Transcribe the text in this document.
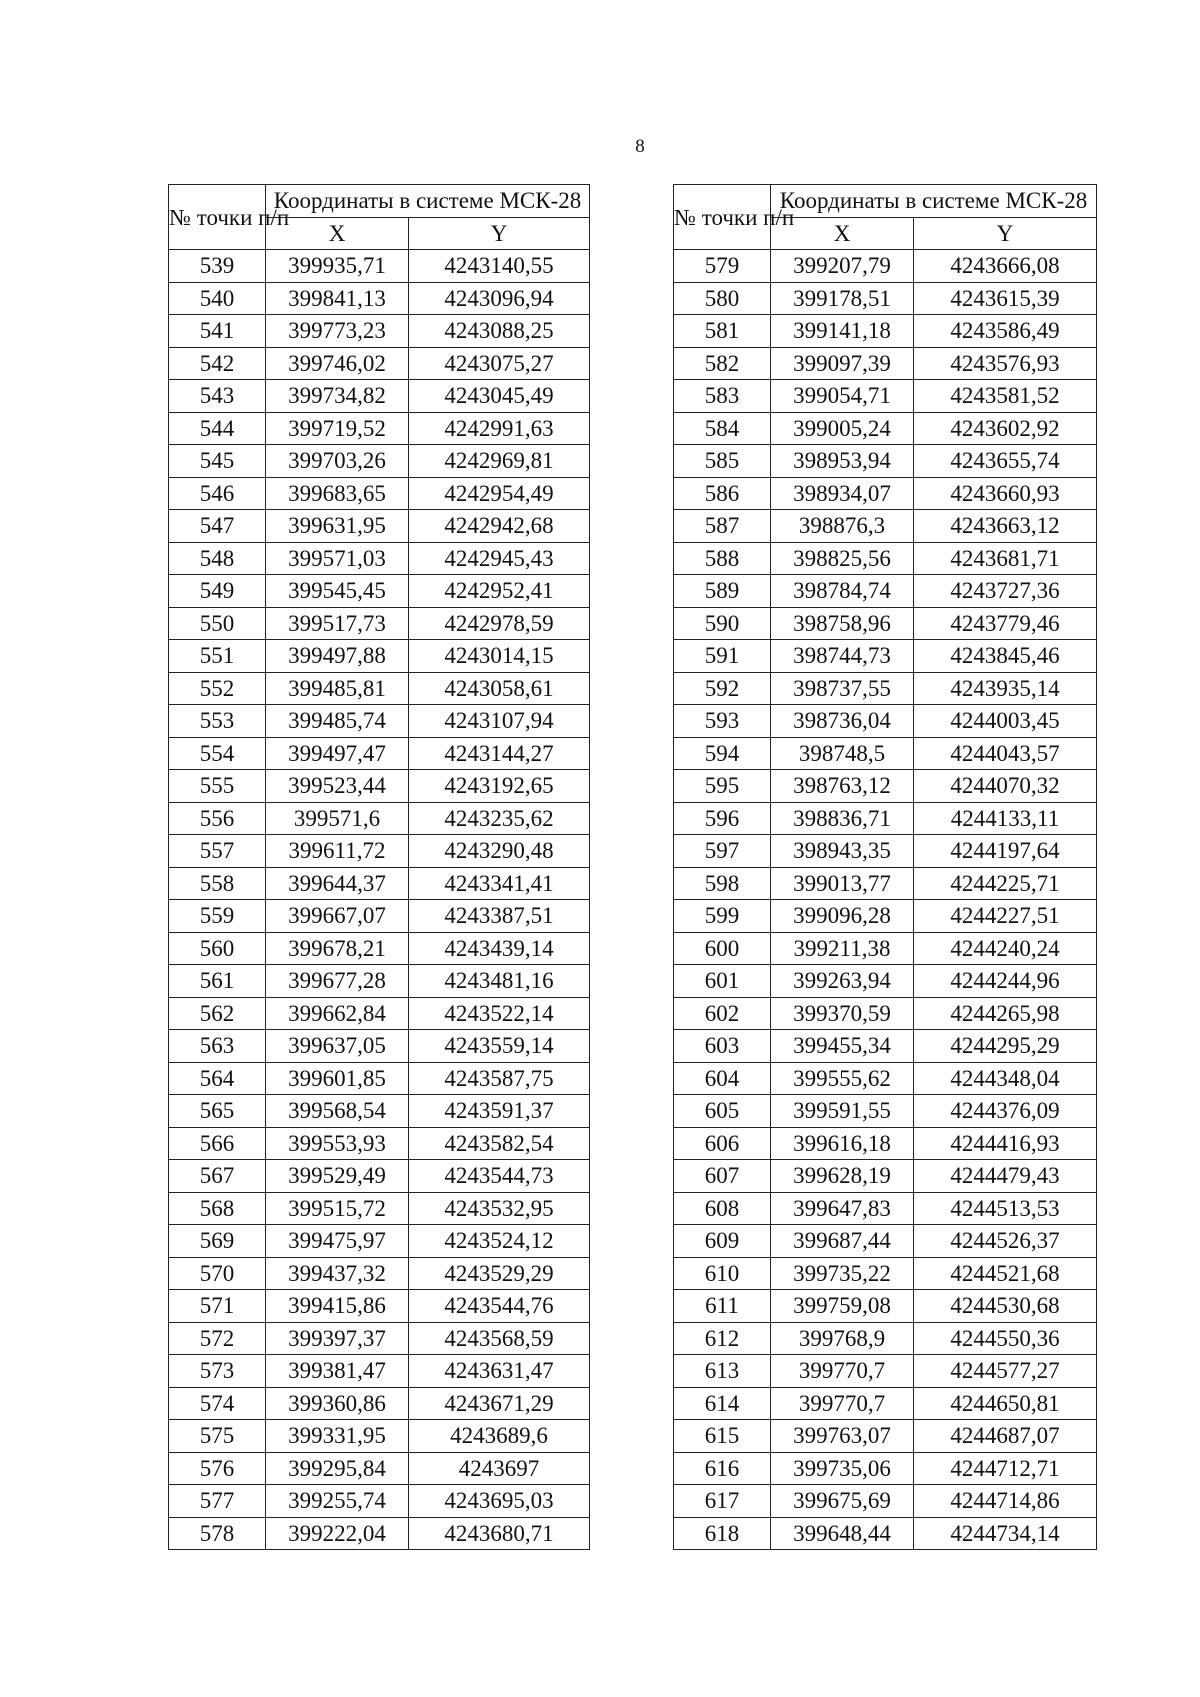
8
№ точки п/п	Координаты в системе МСК-28	
	X	Y
539	399935,71	4243140,55
540	399841,13	4243096,94
541	399773,23	4243088,25
542	399746,02	4243075,27
543	399734,82	4243045,49
544	399719,52	4242991,63
545	399703,26	4242969,81
546	399683,65	4242954,49
547	399631,95	4242942,68
548	399571,03	4242945,43
549	399545,45	4242952,41
550	399517,73	4242978,59
551	399497,88	4243014,15
552	399485,81	4243058,61
553	399485,74	4243107,94
554	399497,47	4243144,27
555	399523,44	4243192,65
556	399571,6	4243235,62
557	399611,72	4243290,48
558	399644,37	4243341,41
559	399667,07	4243387,51
560	399678,21	4243439,14
561	399677,28	4243481,16
562	399662,84	4243522,14
563	399637,05	4243559,14
564	399601,85	4243587,75
565	399568,54	4243591,37
566	399553,93	4243582,54
567	399529,49	4243544,73
568	399515,72	4243532,95
569	399475,97	4243524,12
570	399437,32	4243529,29
571	399415,86	4243544,76
572	399397,37	4243568,59
573	399381,47	4243631,47
574	399360,86	4243671,29
575	399331,95	4243689,6
576	399295,84	4243697
577	399255,74	4243695,03
578	399222,04	4243680,71
№ точки п/п	Координаты в системе МСК-28	
	X	Y
579	399207,79	4243666,08
580	399178,51	4243615,39
581	399141,18	4243586,49
582	399097,39	4243576,93
583	399054,71	4243581,52
584	399005,24	4243602,92
585	398953,94	4243655,74
586	398934,07	4243660,93
587	398876,3	4243663,12
588	398825,56	4243681,71
589	398784,74	4243727,36
590	398758,96	4243779,46
591	398744,73	4243845,46
592	398737,55	4243935,14
593	398736,04	4244003,45
594	398748,5	4244043,57
595	398763,12	4244070,32
596	398836,71	4244133,11
597	398943,35	4244197,64
598	399013,77	4244225,71
599	399096,28	4244227,51
600	399211,38	4244240,24
601	399263,94	4244244,96
602	399370,59	4244265,98
603	399455,34	4244295,29
604	399555,62	4244348,04
605	399591,55	4244376,09
606	399616,18	4244416,93
607	399628,19	4244479,43
608	399647,83	4244513,53
609	399687,44	4244526,37
610	399735,22	4244521,68
611	399759,08	4244530,68
612	399768,9	4244550,36
613	399770,7	4244577,27
614	399770,7	4244650,81
615	399763,07	4244687,07
616	399735,06	4244712,71
617	399675,69	4244714,86
618	399648,44	4244734,14
